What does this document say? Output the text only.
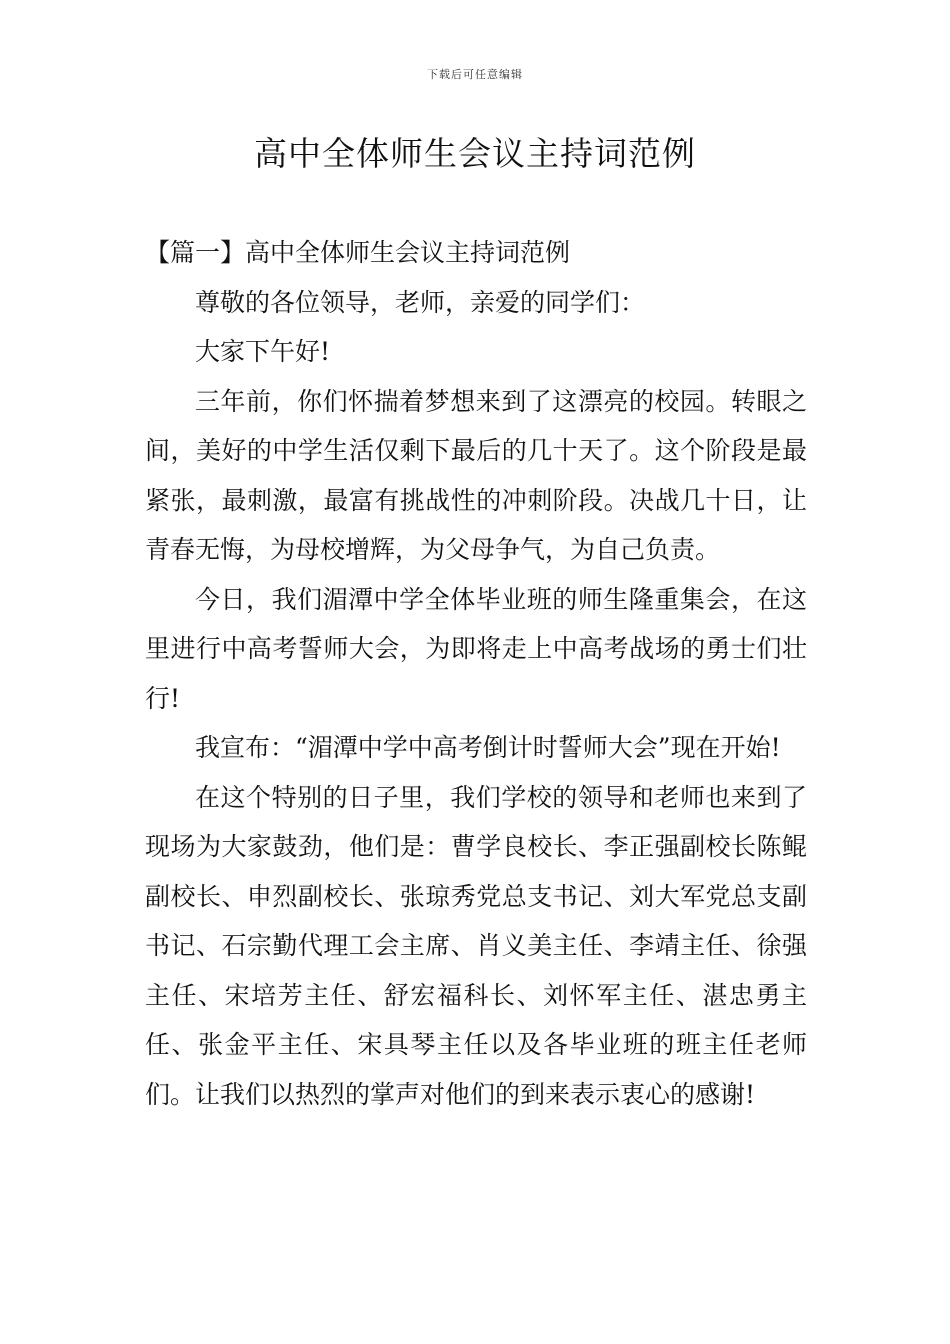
下载后可任意编辑
高中全体师生会议主持词范例
【篇一】高中全体师生会议主持词范例

尊敬的各位领导，老师，亲爱的同学们：

大家下午好!

三年前，你们怀揣着梦想来到了这漂亮的校园。转眼之间，美好的中学生活仅剩下最后的几十天了。这个阶段是最紧张，最刺激，最富有挑战性的冲刺阶段。决战几十日，让青春无悔，为母校增辉，为父母争气，为自己负责。

今日，我们湄潭中学全体毕业班的师生隆重集会，在这里进行中高考誓师大会，为即将走上中高考战场的勇士们壮行!

我宣布：“湄潭中学中高考倒计时誓师大会”现在开始!

在这个特别的日子里，我们学校的领导和老师也来到了现场为大家鼓劲，他们是：曹学良校长、李正强副校长陈鲲副校长、申烈副校长、张琼秀党总支书记、刘大军党总支副书记、石宗勤代理工会主席、肖义美主任、李靖主任、徐强主任、宋培芳主任、舒宏福科长、刘怀军主任、湛忠勇主任、张金平主任、宋具琴主任以及各毕业班的班主任老师们。让我们以热烈的掌声对他们的到来表示衷心的感谢!
